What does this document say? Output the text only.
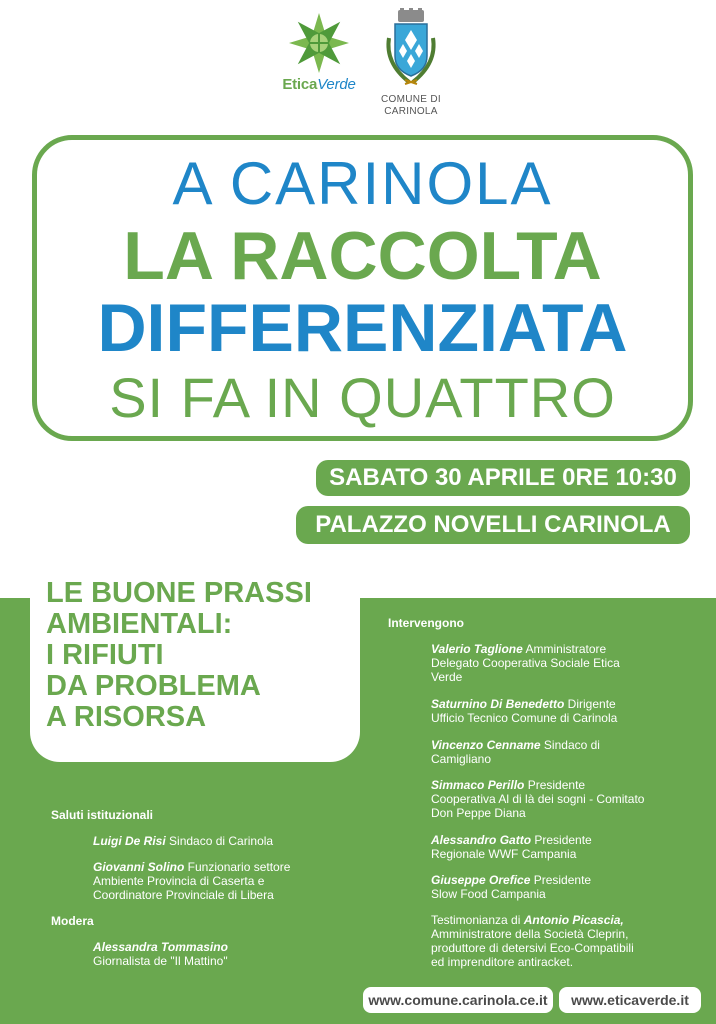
EticaVerde
COMUNE DI
CARINOLA
A CARINOLA
LA RACCOLTA
DIFFERENZIATA
SI FA IN QUATTRO
SABATO 30 APRILE 0RE 10:30
PALAZZO NOVELLI CARINOLA
LE BUONE PRASSI
AMBIENTALI:
I RIFIUTI
DA PROBLEMA
A RISORSA
Saluti istituzionali
Luigi De Risi Sindaco di Carinola
Giovanni Solino Funzionario settore
Ambiente Provincia di Caserta e
Coordinatore Provinciale di Libera
Modera
Alessandra Tommasino
Giornalista de "Il Mattino"
Intervengono
Valerio Taglione Amministratore
Delegato Cooperativa Sociale Etica
Verde
Saturnino Di Benedetto Dirigente
Ufficio Tecnico Comune di Carinola
Vincenzo Cenname Sindaco di
Camigliano
Simmaco Perillo Presidente
Cooperativa Al di là dei sogni - Comitato
Don Peppe Diana
Alessandro Gatto Presidente
Regionale WWF Campania
Giuseppe Orefice Presidente
Slow Food Campania
Testimonianza di Antonio Picascia,
Amministratore della Società Cleprin,
produttore di detersivi Eco-Compatibili
ed imprenditore antiracket.
www.comune.carinola.ce.it	www.eticaverde.it
